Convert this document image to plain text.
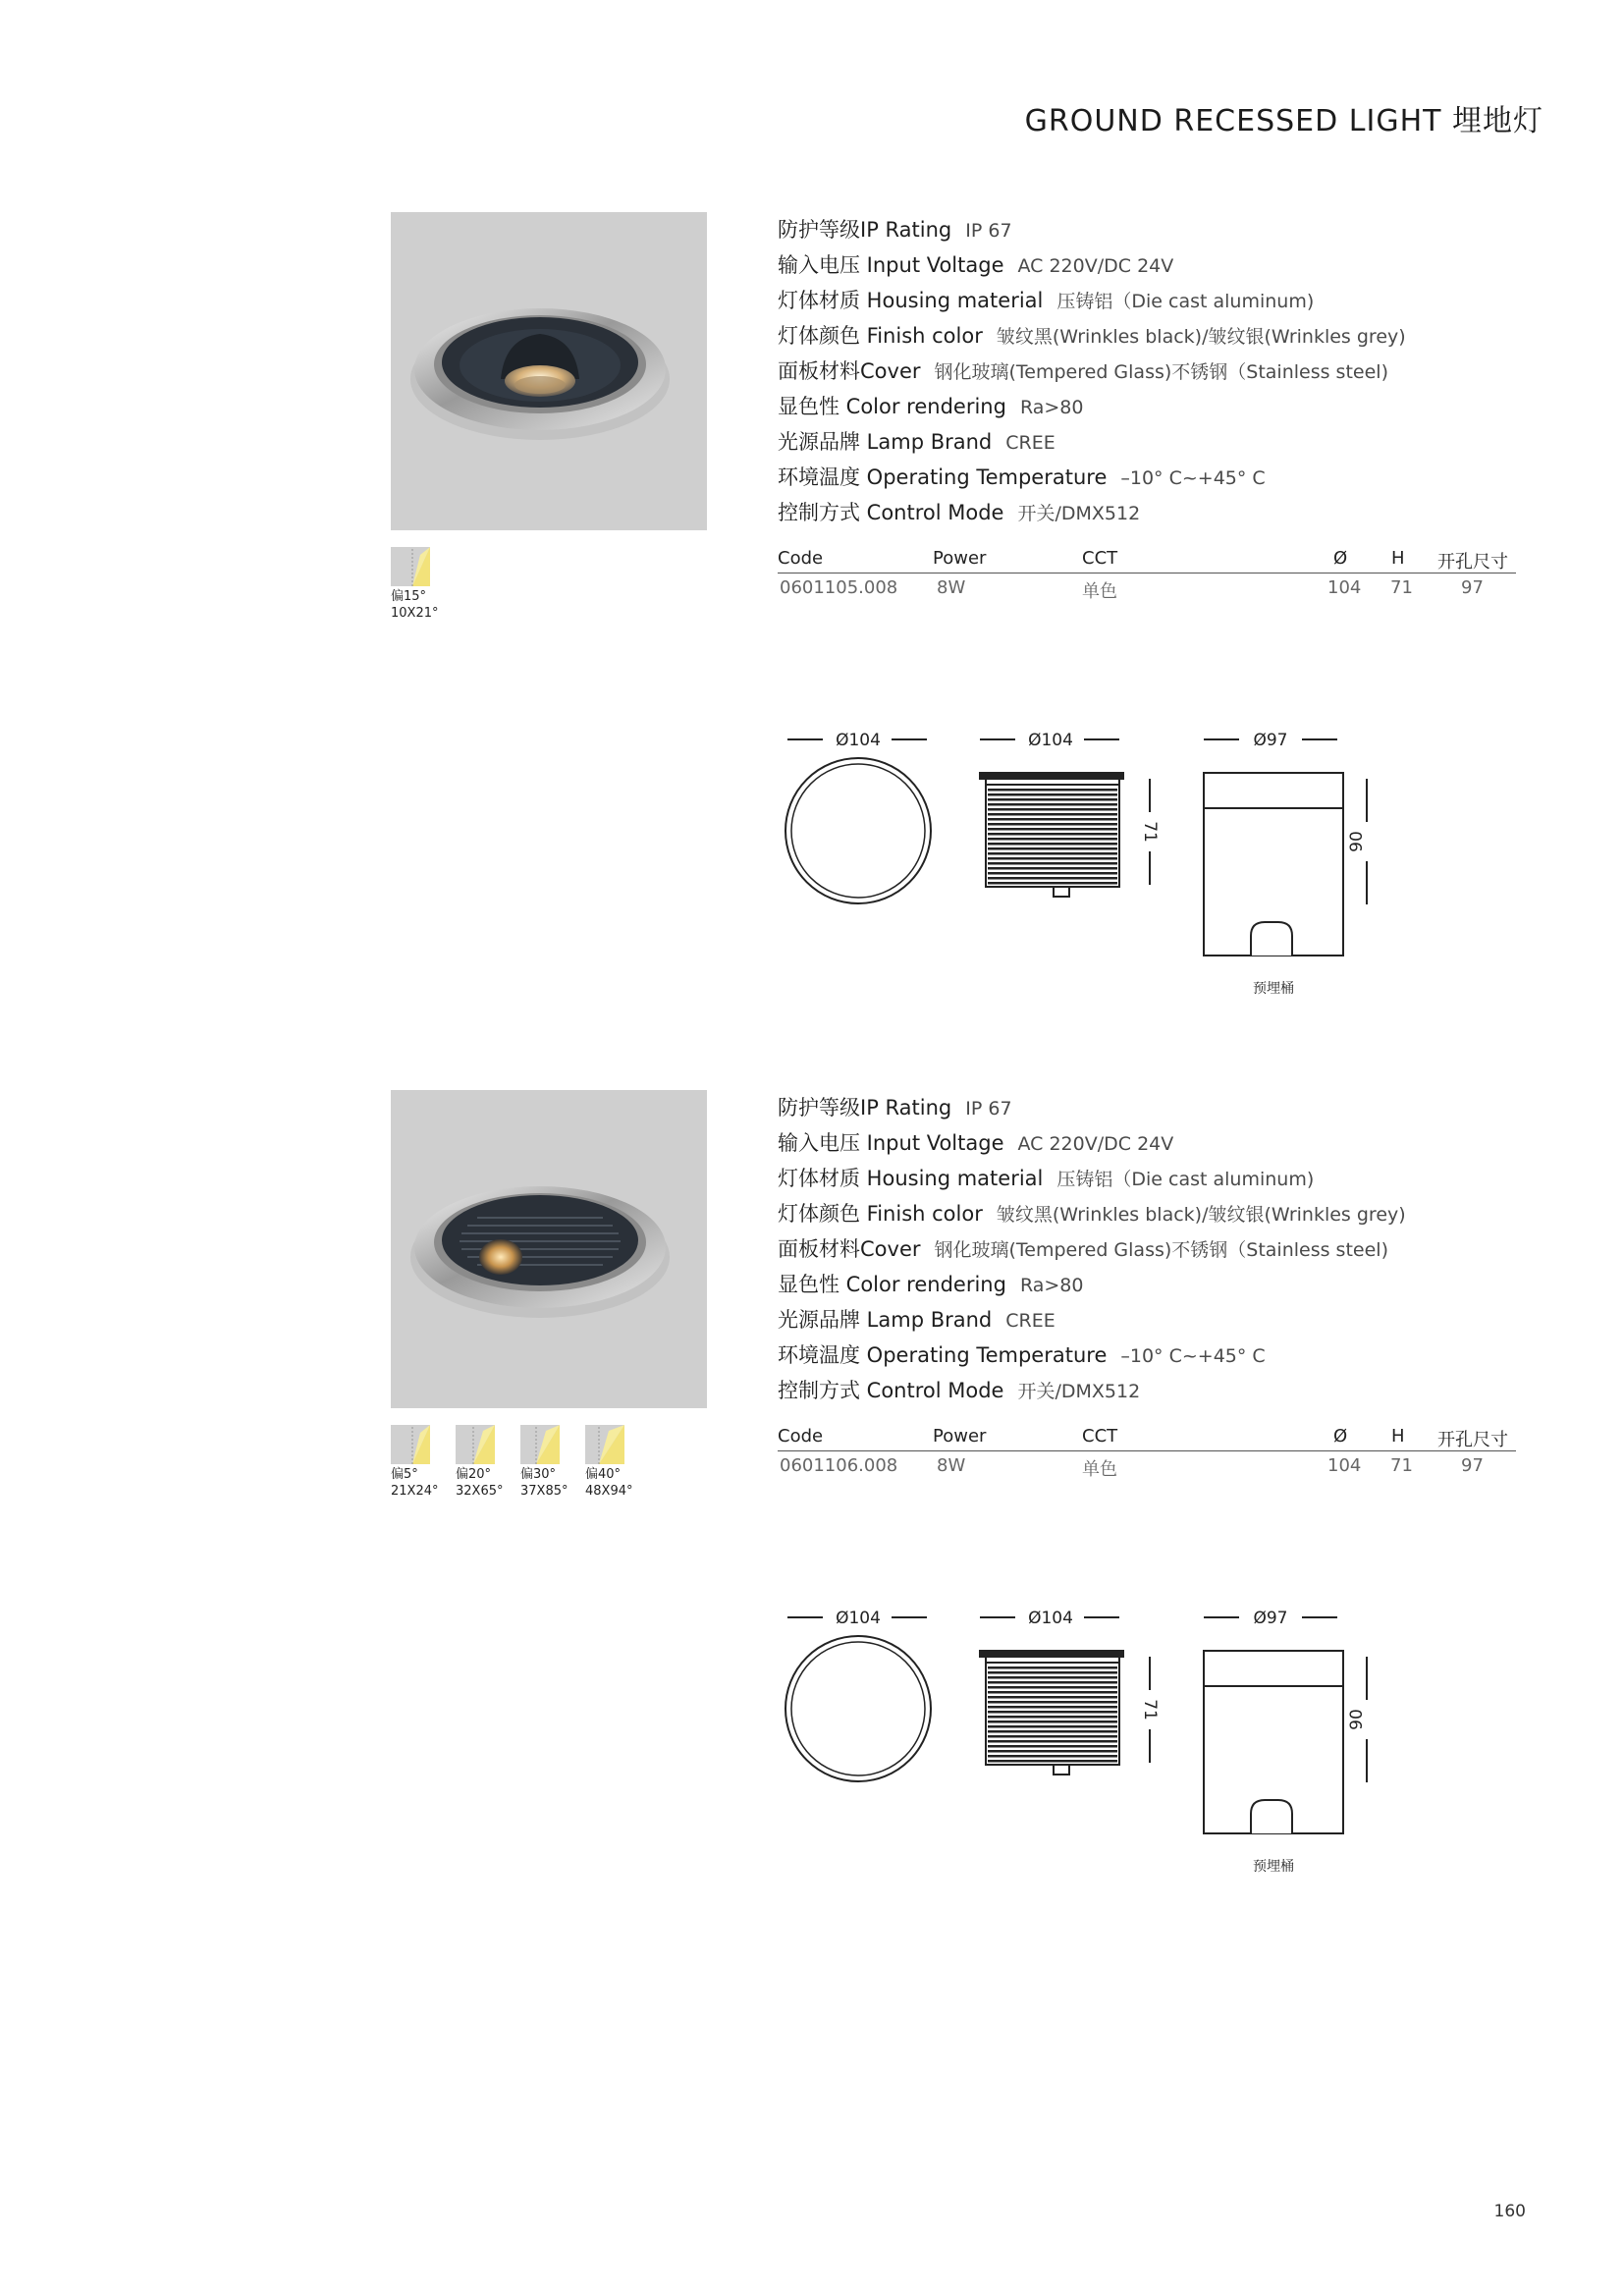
GROUND RECESSED LIGHT 埋地灯
偏15°
10X21°
防护等级IP Rating IP 67
输入电压 Input Voltage AC 220V/DC 24V
灯体材质 Housing material 压铸铝（Die cast aluminum)
灯体颜色 Finish color 皱纹黑(Wrinkles black)/皱纹银(Wrinkles grey)
面板材料Cover 钢化玻璃(Tempered Glass)不锈钢（Stainless steel)
显色性 Color rendering Ra>80
光源品牌 Lamp Brand CREE
环境温度 Operating Temperature –10° C~+45° C
控制方式 Control Mode 开关/DMX512
Code	Power	CCT	Ø H 开孔尺寸
0601105.008 8W	单色	104 71	97
Ø104	Ø104	Ø97
71	90
预埋桶
偏5°
21X24°
偏20°
32X65°
偏30°
37X85°
偏40°
48X94°
防护等级IP Rating IP 67
输入电压 Input Voltage AC 220V/DC 24V
灯体材质 Housing material 压铸铝（Die cast aluminum)
灯体颜色 Finish color 皱纹黑(Wrinkles black)/皱纹银(Wrinkles grey)
面板材料Cover 钢化玻璃(Tempered Glass)不锈钢（Stainless steel)
显色性 Color rendering Ra>80
光源品牌 Lamp Brand CREE
环境温度 Operating Temperature –10° C~+45° C
控制方式 Control Mode 开关/DMX512
Code	Power	CCT	Ø H 开孔尺寸
0601106.008 8W	单色	104 71	97
Ø104	Ø104	Ø97
71	90
预埋桶
160
